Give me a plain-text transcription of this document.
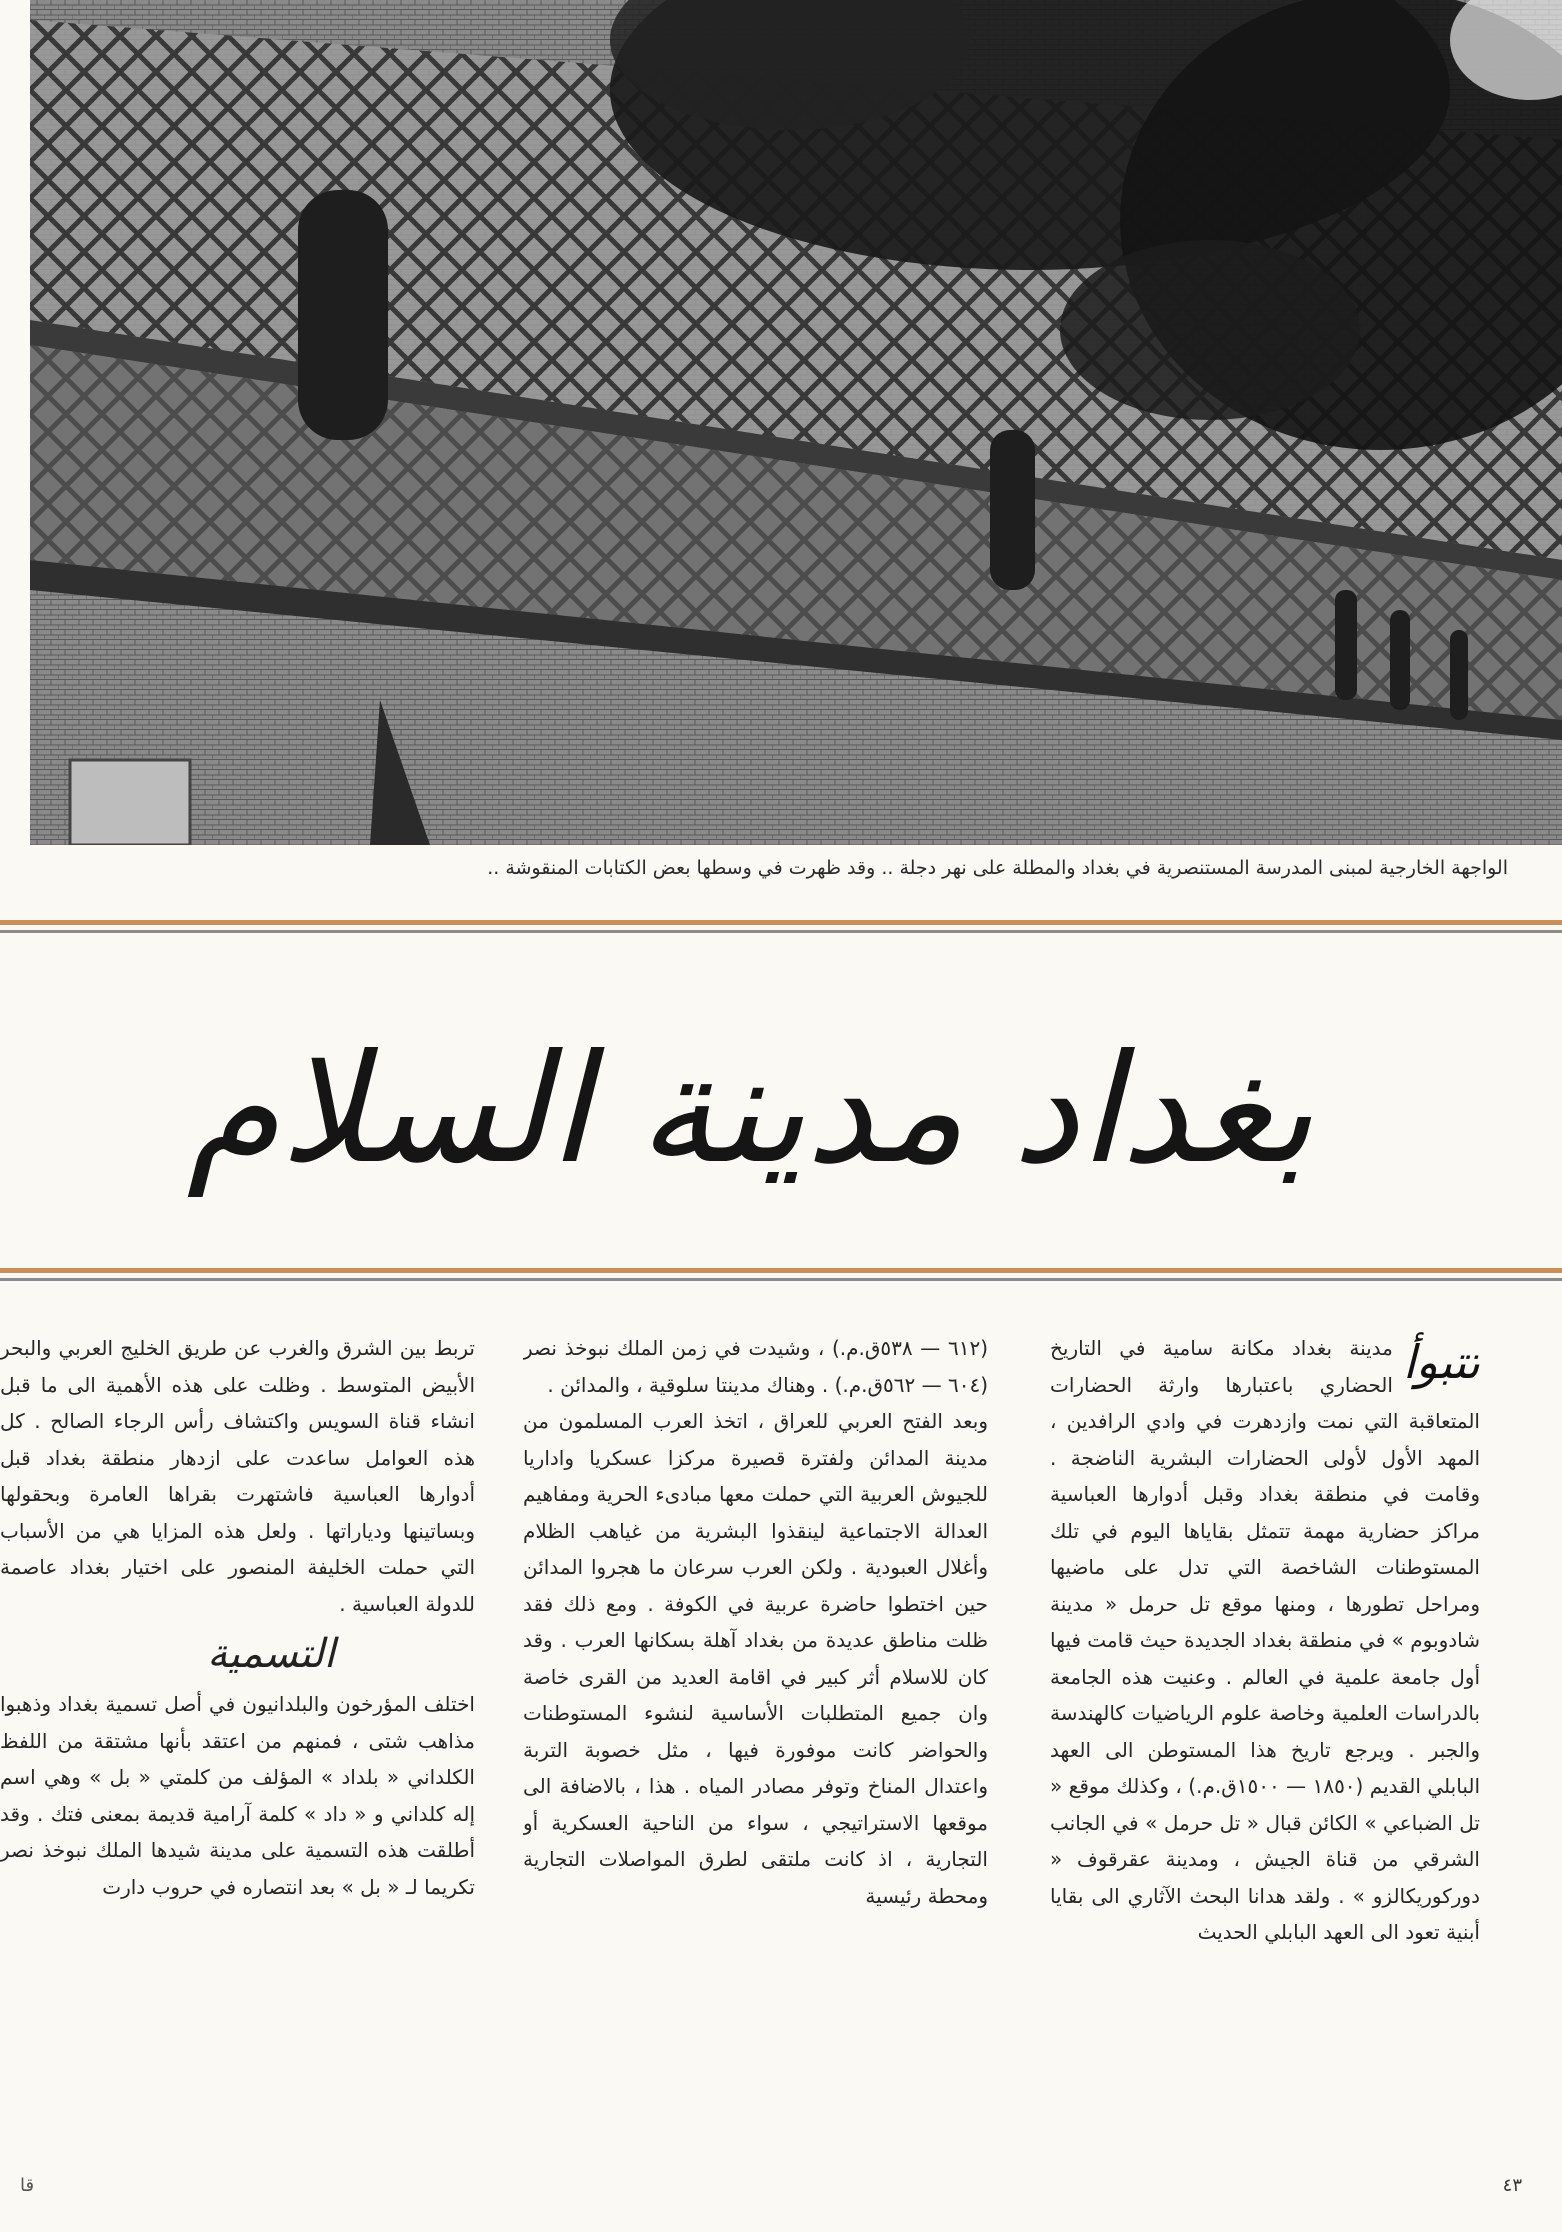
الواجهة الخارجية لمبنى المدرسة المستنصرية في بغداد والمطلة على نهر دجلة .. وقد ظهرت في وسطها بعض الكتابات المنقوشة ..
بغداد مدينة السلام
تتبوأ

مدينة بغداد مكانة سامية في التاريخ الحضاري باعتبارها وارثة الحضارات المتعاقبة التي نمت وازدهرت في وادي الرافدين ، المهد الأول لأولى الحضارات البشرية الناضجة . وقامت في منطقة بغداد وقبل أدوارها العباسية مراكز حضارية مهمة تتمثل بقاياها اليوم في تلك المستوطنات الشاخصة التي تدل على ماضيها ومراحل تطورها ، ومنها موقع تل حرمل « مدينة شادوبوم » في منطقة بغداد الجديدة حيث قامت فيها أول جامعة علمية في العالم . وعنيت هذه الجامعة بالدراسات العلمية وخاصة علوم الرياضيات كالهندسة والجبر . ويرجع تاريخ هذا المستوطن الى العهد البابلي القديم (١٨٥٠ — ١٥٠٠ق.م.) ، وكذلك موقع « تل الضباعي » الكائن قبال « تل حرمل » في الجانب الشرقي من قناة الجيش ، ومدينة عقرقوف « دوركوريكالزو » . ولقد هدانا البحث الآثاري الى بقايا أبنية تعود الى العهد البابلي الحديث

(٦١٢ — ٥٣٨ق.م.) ، وشيدت في زمن الملك نبوخذ نصر (٦٠٤ — ٥٦٢ق.م.) . وهناك مدينتا سلوقية ، والمدائن .

وبعد الفتح العربي للعراق ، اتخذ العرب المسلمون من مدينة المدائن ولفترة قصيرة مركزا عسكريا واداريا للجيوش العربية التي حملت معها مبادىء الحرية ومفاهيم العدالة الاجتماعية لينقذوا البشرية من غياهب الظلام وأغلال العبودية . ولكن العرب سرعان ما هجروا المدائن حين اختطوا حاضرة عربية في الكوفة . ومع ذلك فقد ظلت مناطق عديدة من بغداد آهلة بسكانها العرب . وقد كان للاسلام أثر كبير في اقامة العديد من القرى خاصة وان جميع المتطلبات الأساسية لنشوء المستوطنات والحواضر كانت موفورة فيها ، مثل خصوبة التربة واعتدال المناخ وتوفر مصادر المياه . هذا ، بالاضافة الى موقعها الاستراتيجي ، سواء من الناحية العسكرية أو التجارية ، اذ كانت ملتقى لطرق المواصلات التجارية ومحطة رئيسية

تربط بين الشرق والغرب عن طريق الخليج العربي والبحر الأبيض المتوسط . وظلت على هذه الأهمية الى ما قبل انشاء قناة السويس واكتشاف رأس الرجاء الصالح . كل هذه العوامل ساعدت على ازدهار منطقة بغداد قبل أدوارها العباسية فاشتهرت بقراها العامرة وبحقولها وبساتينها ودياراتها . ولعل هذه المزايا هي من الأسباب التي حملت الخليفة المنصور على اختيار بغداد عاصمة للدولة العباسية .

التسمية

اختلف المؤرخون والبلدانيون في أصل تسمية بغداد وذهبوا مذاهب شتى ، فمنهم من اعتقد بأنها مشتقة من اللفظ الكلداني « بلداد » المؤلف من كلمتي « بل » وهي اسم إله كلداني و « داد » كلمة آرامية قديمة بمعنى فتك . وقد أطلقت هذه التسمية على مدينة شيدها الملك نبوخذ نصر تكريما لـ « بل » بعد انتصاره في حروب دارت

٤٣
قا
